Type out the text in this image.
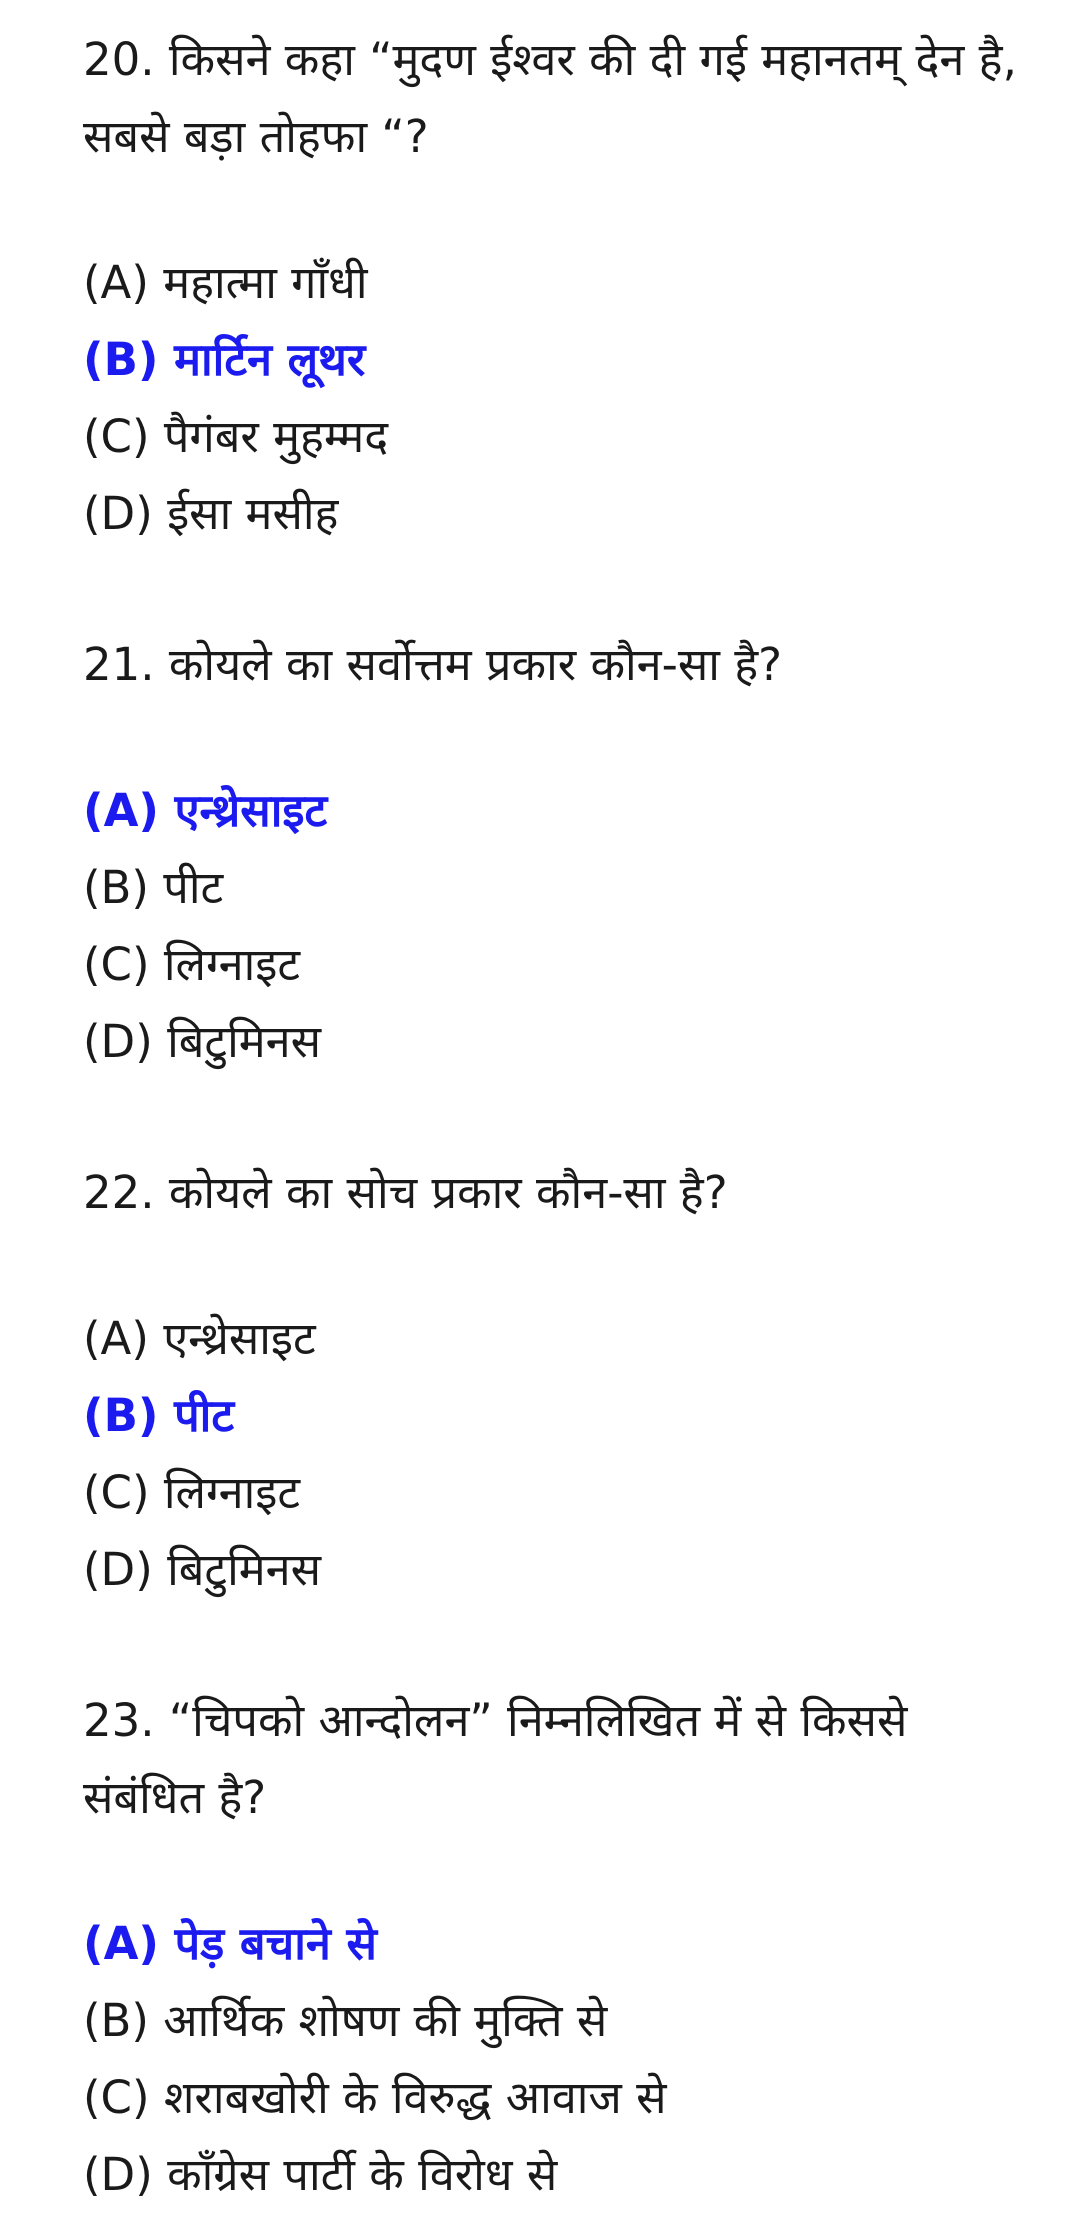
20. किसने कहा “मुदण ईश्वर की दी गई महानतम् देन है, सबसे बड़ा तोहफा “?

(A) महात्मा गाँधी
(B) मार्टिन लूथर
(C) पैगंबर मुहम्मद
(D) ईसा मसीह

21. कोयले का सर्वोत्तम प्रकार कौन-सा है?

(A) एन्थ्रेसाइट
(B) पीट
(C) लिग्नाइट
(D) बिटुमिनस

22. कोयले का सोच प्रकार कौन-सा है?

(A) एन्थ्रेसाइट
(B) पीट
(C) लिग्नाइट
(D) बिटुमिनस

23. “चिपको आन्दोलन” निम्नलिखित में से किससे संबंधित है?

(A) पेड़ बचाने से
(B) आर्थिक शोषण की मुक्ति से
(C) शराबखोरी के विरुद्ध आवाज से
(D) काँग्रेस पार्टी के विरोध से
